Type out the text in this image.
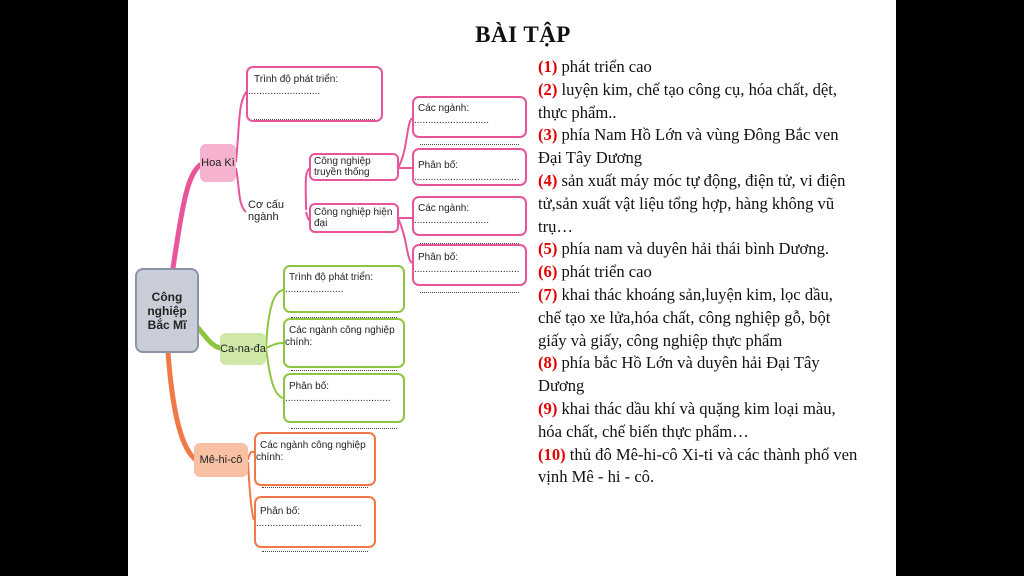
BÀI TẬP
Công nghiệp
Bắc Mĩ
Hoa Kì
Trình độ phát triển: ..........................
Cơ cấu ngành
Công nghiệp truyền thống
Công nghiệp hiện đại
Các ngành: ...........................
Phân bố: ......................................
Các ngành: ...........................
Phân bố: ......................................
Ca-na-đa
Trình độ phát triển: .....................
Các ngành công nghiệp chính:
Phân bố: ......................................
Mê-hi-cô
Các ngành công nghiệp chính:
Phân bố: ......................................

(1) phát triển cao

(2) luyện kim, chế tạo công cụ, hóa chất, dệt, thực phẩm..

(3) phía Nam Hồ Lớn và vùng Đông Bắc ven Đại Tây Dương

(4) sản xuất máy móc tự động, điện tử, vi điện tử,sản xuất vật liệu tổng hợp, hàng không vũ trụ…

(5) phía nam và duyên hải thái bình Dương.

(6) phát triển cao

(7) khai thác khoáng sản,luyện kim, lọc dầu, chế tạo xe lửa,hóa chất, công nghiệp gỗ, bột giấy và giấy, công nghiệp thực phẩm

(8) phía bắc Hồ Lớn và duyên hải Đại Tây Dương

(9) khai thác dầu khí và quặng kim loại màu, hóa chất, chế biến thực phẩm…

(10) thủ đô Mê-hi-cô Xi-ti và các thành phố ven vịnh Mê - hi - cô.
